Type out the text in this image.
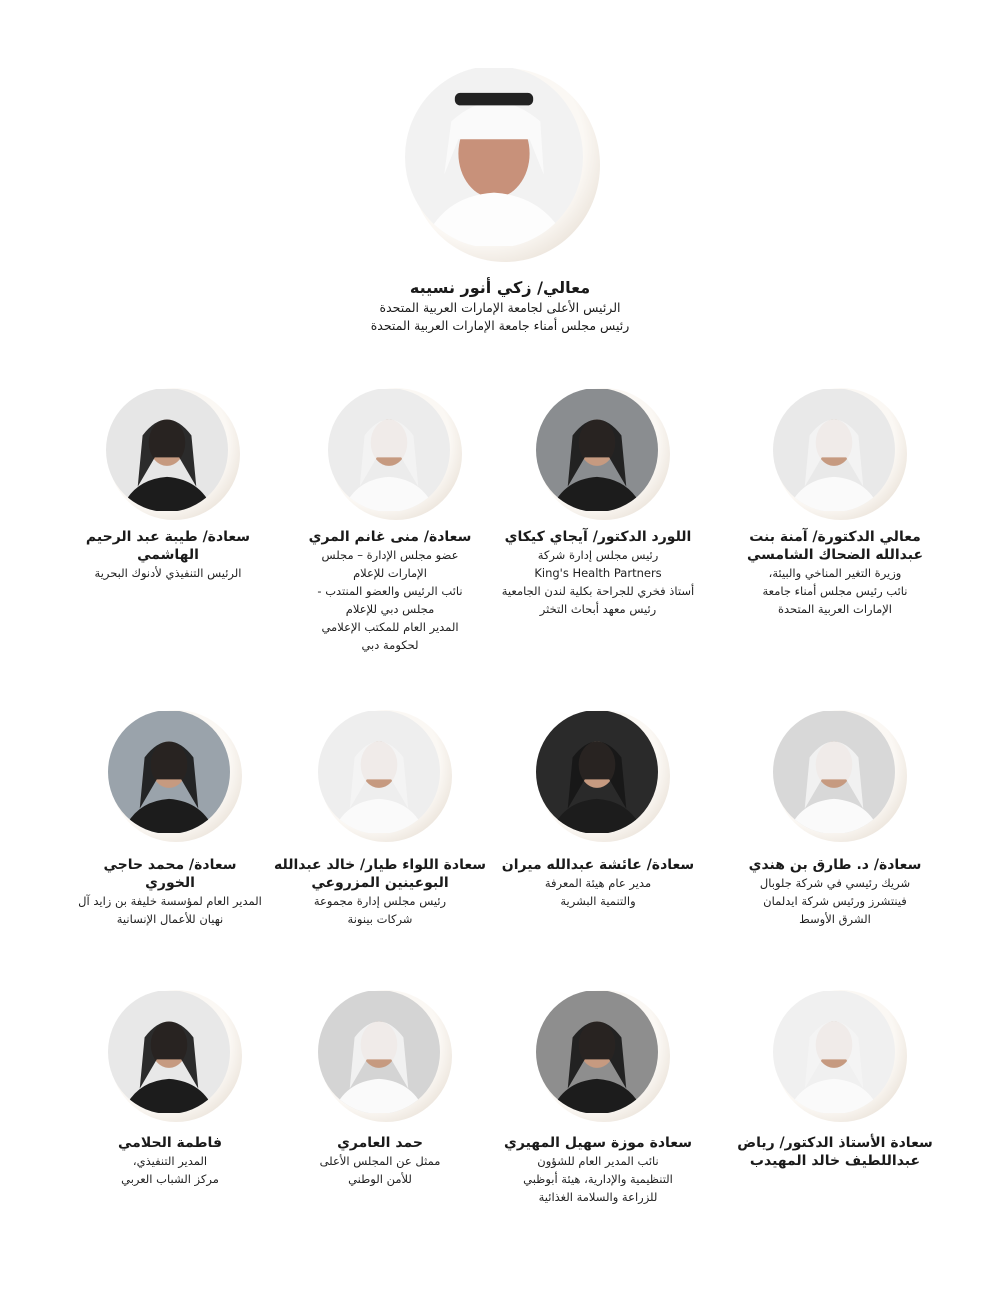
معالي/ زكي أنور نسيبه
الرئيس الأعلى لجامعة الإمارات العربية المتحدة
رئيس مجلس أمناء جامعة الإمارات العربية المتحدة
معالي الدكتورة/ آمنة بنت
عبدالله الضحاك الشامسي
وزيرة التغير المناخي والبيئة،
نائب رئيس مجلس أمناء جامعة
الإمارات العربية المتحدة
اللورد الدكتور/ آيجاي كيكاي
رئيس مجلس إدارة شركة
King's Health Partners
أستاذ فخري للجراحة بكلية لندن الجامعية
رئيس معهد أبحاث التخثر
سعادة/ منى غانم المري
عضو مجلس الإدارة – مجلس
الإمارات للإعلام
نائب الرئيس والعضو المنتدب -
مجلس دبي للإعلام
المدير العام للمكتب الإعلامي
لحكومة دبي
سعادة/ طيبة عبد الرحيم
الهاشمي
الرئيس التنفيذي لأدنوك البحرية
سعادة/ د. طارق بن هندي
شريك رئيسي في شركة جلوبال
فينتشرز ورئيس شركة ايدلمان
الشرق الأوسط
سعادة/ عائشة عبدالله ميران
مدير عام هيئة المعرفة
والتنمية البشرية
سعادة اللواء طيار/ خالد عبدالله
البوعينين المزروعي
رئيس مجلس إدارة مجموعة
شركات بينونة
سعادة/ محمد حاجي
الخوري
المدير العام لمؤسسة خليفة بن زايد آل
نهيان للأعمال الإنسانية
سعادة الأستاذ الدكتور/ رياض
عبداللطيف خالد المهيدب
سعادة موزة سهيل المهيري
نائب المدير العام للشؤون
التنظيمية والإدارية، هيئة أبوظبي
للزراعة والسلامة الغذائية
حمد العامري
ممثل عن المجلس الأعلى
للأمن الوطني
فاطمة الحلامي
المدير التنفيذي،
مركز الشباب العربي
